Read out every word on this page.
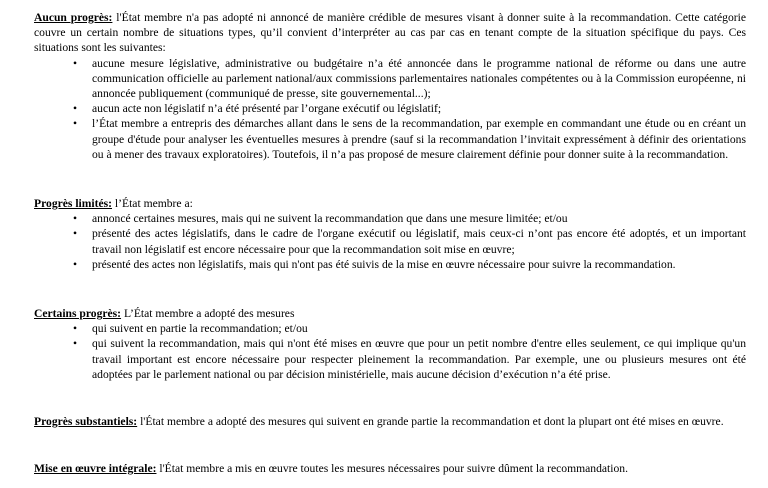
Aucun progrès: l'État membre n'a pas adopté ni annoncé de manière crédible de mesures visant à donner suite à la recommandation. Cette catégorie couvre un certain nombre de situations types, qu’il convient d’interpréter au cas par cas en tenant compte de la situation spécifique du pays. Ces situations sont les suivantes:

•
aucune mesure législative, administrative ou budgétaire n’a été annoncée dans le programme national de réforme ou dans une autre communication officielle au parlement national/aux commissions parlementaires nationales compétentes ou à la Commission européenne, ni annoncée publiquement (communiqué de presse, site gouvernemental...);
•
aucun acte non législatif n’a été présenté par l’organe exécutif ou législatif;
•
l’État membre a entrepris des démarches allant dans le sens de la recommandation, par exemple en commandant une étude ou en créant un groupe d'étude pour analyser les éventuelles mesures à prendre (sauf si la recommandation l’invitait expressément à définir des orientations ou à mener des travaux exploratoires). Toutefois, il n’a pas proposé de mesure clairement définie pour donner suite à la recommandation.

Progrès limités: l’État membre a:

•
annoncé certaines mesures, mais qui ne suivent la recommandation que dans une mesure limitée; et/ou
•
présenté des actes législatifs, dans le cadre de l'organe exécutif ou législatif, mais ceux-ci n’ont pas encore été adoptés, et un important travail non législatif est encore nécessaire pour que la recommandation soit mise en œuvre;
•
présenté des actes non législatifs, mais qui n'ont pas été suivis de la mise en œuvre nécessaire pour suivre la recommandation.

Certains progrès: L’État membre a adopté des mesures

•
qui suivent en partie la recommandation; et/ou
•
qui suivent la recommandation, mais qui n'ont été mises en œuvre que pour un petit nombre d'entre elles seulement, ce qui implique qu'un travail important est encore nécessaire pour respecter pleinement la recommandation. Par exemple, une ou plusieurs mesures ont été adoptées par le parlement national ou par décision ministérielle, mais aucune décision d’exécution n’a été prise.

Progrès substantiels: l'État membre a adopté des mesures qui suivent en grande partie la recommandation et dont la plupart ont été mises en œuvre.

Mise en œuvre intégrale: l'État membre a mis en œuvre toutes les mesures nécessaires pour suivre dûment la recommandation.
